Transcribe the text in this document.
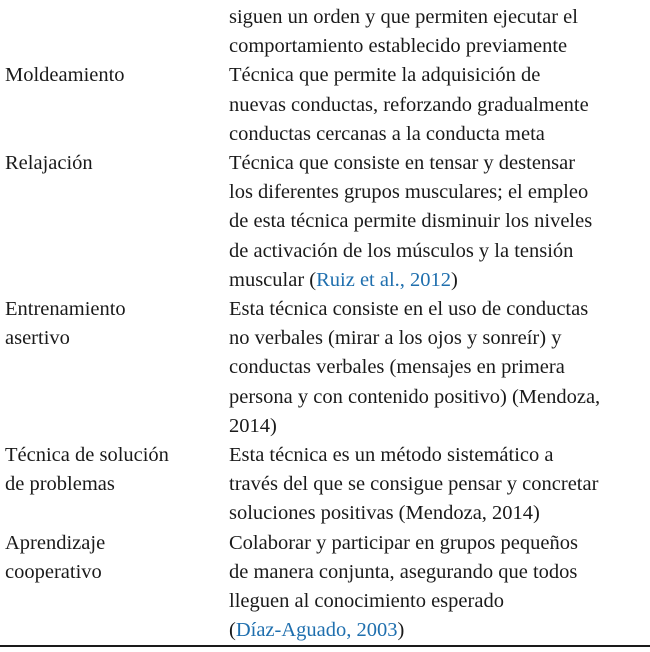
siguen un orden y que permiten ejecutar el
comportamiento establecido previamente
Moldeamiento	Técnica que permite la adquisición de
nuevas conductas, reforzando gradualmente
conductas cercanas a la conducta meta
Relajación	Técnica que consiste en tensar y destensar
los diferentes grupos musculares; el empleo
de esta técnica permite disminuir los niveles
de activación de los músculos y la tensión
muscular (Ruiz et al., 2012)
Entrenamiento
asertivo
Esta técnica consiste en el uso de conductas
no verbales (mirar a los ojos y sonreír) y
conductas verbales (mensajes en primera
persona y con contenido positivo) (Mendoza,
2014)
Técnica de solución
de problemas
Esta técnica es un método sistemático a
través del que se consigue pensar y concretar
soluciones positivas (Mendoza, 2014)
Aprendizaje
cooperativo
Colaborar y participar en grupos pequeños
de manera conjunta, asegurando que todos
lleguen al conocimiento esperado
(Díaz-Aguado, 2003)
